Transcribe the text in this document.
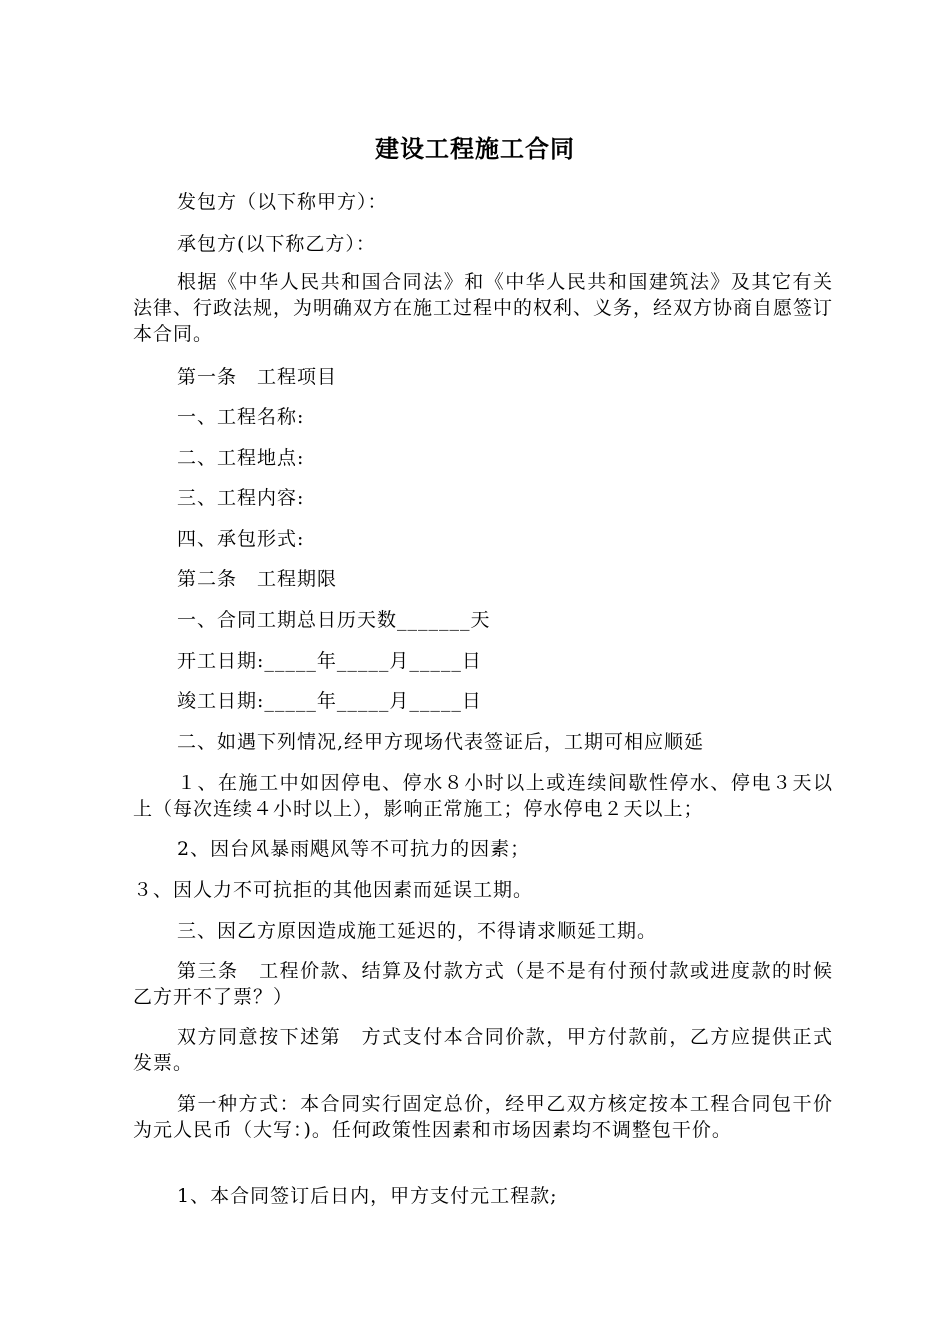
建设工程施工合同

发包方（以下称甲方）：

承包方(以下称乙方）：

根据《中华人民共和国合同法》和《中华人民共和国建筑法》及其它有关法律、行政法规，为明确双方在施工过程中的权利、义务，经双方协商自愿签订本合同。

第一条　工程项目

一、工程名称:

二、工程地点:

三、工程内容:

四、承包形式:

第二条　工程期限

一、合同工期总日历天数_______天

开工日期:_____年_____月_____日

竣工日期:_____年_____月_____日

二、如遇下列情况,经甲方现场代表签证后，工期可相应顺延

１、在施工中如因停电、停水８小时以上或连续间歇性停水、停电３天以上（每次连续４小时以上），影响正常施工；停水停电２天以上；

2、因台风暴雨飓风等不可抗力的因素；

３、因人力不可抗拒的其他因素而延误工期。

三、因乙方原因造成施工延迟的，不得请求顺延工期。

第三条　工程价款、结算及付款方式（是不是有付预付款或进度款的时候乙方开不了票？）

双方同意按下述第　方式支付本合同价款，甲方付款前，乙方应提供正式发票。

第一种方式：本合同实行固定总价，经甲乙双方核定按本工程合同包干价为元人民币（大写：)。任何政策性因素和市场因素均不调整包干价。

1、本合同签订后日内，甲方支付元工程款;
